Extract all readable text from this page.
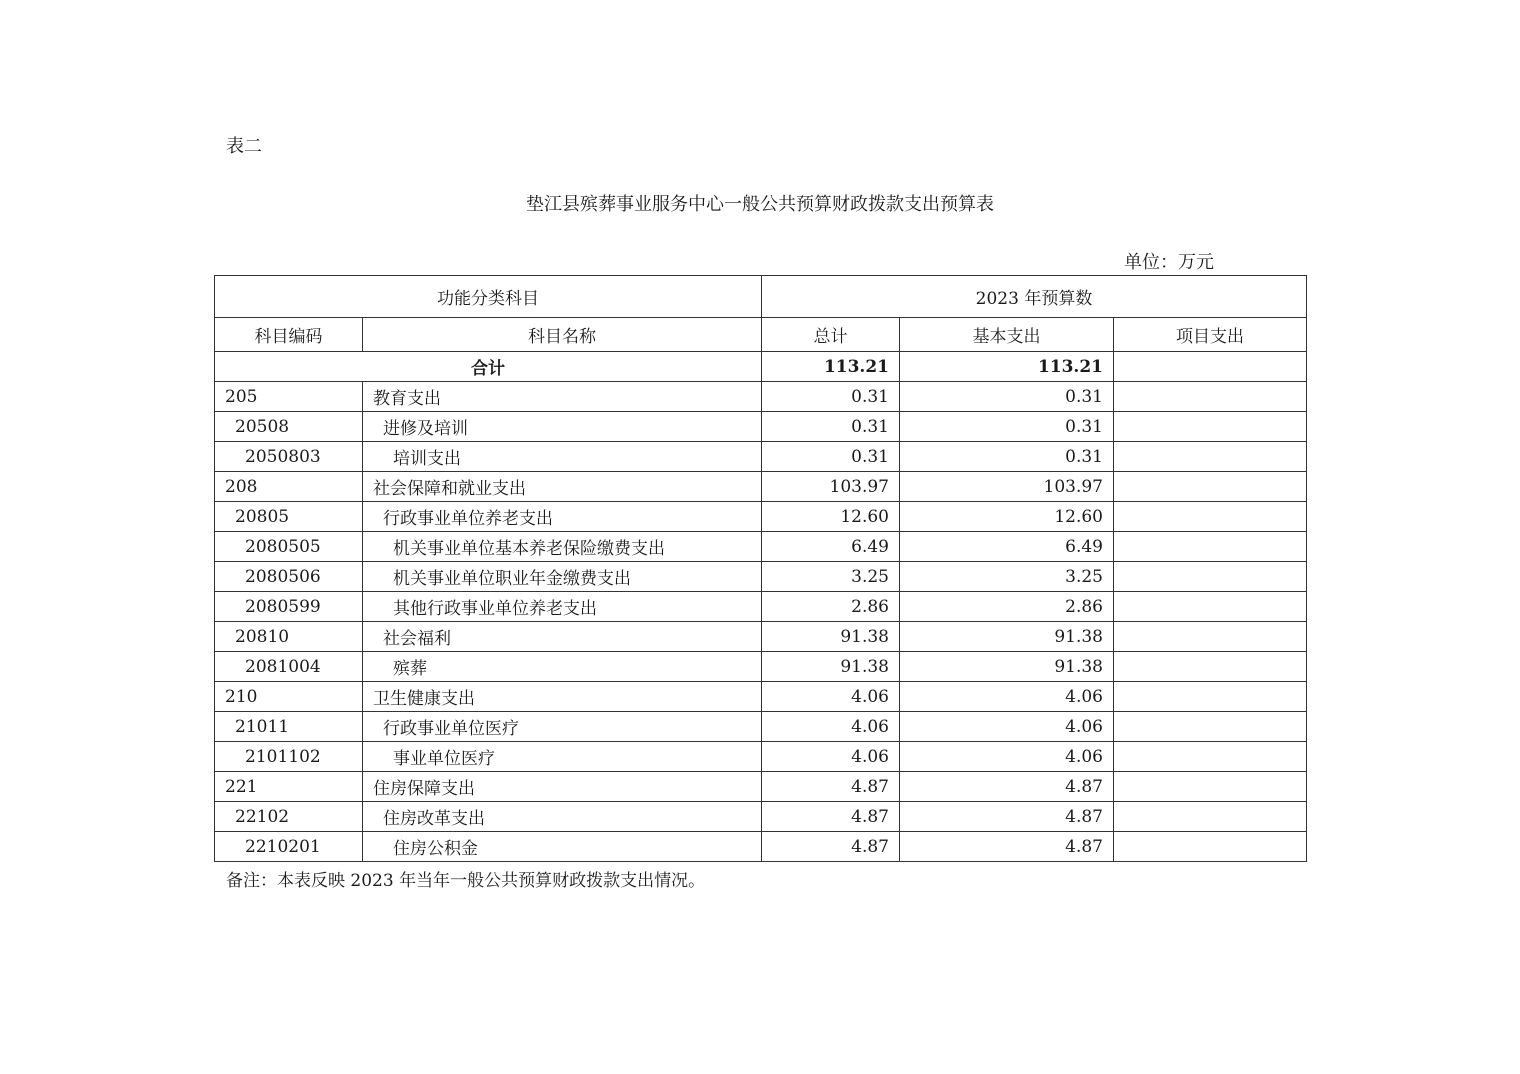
表二
垫江县殡葬事业服务中心一般公共预算财政拨款支出预算表
单位：万元
功能分类科目		2023 年预算数		
科目编码	科目名称	总计	基本支出	项目支出
合计		113.21	113.21	
205	教育支出	0.31	0.31	
20508	进修及培训	0.31	0.31	
2050803	培训支出	0.31	0.31	
208	社会保障和就业支出	103.97	103.97	
20805	行政事业单位养老支出	12.60	12.60	
2080505	机关事业单位基本养老保险缴费支出	6.49	6.49	
2080506	机关事业单位职业年金缴费支出	3.25	3.25	
2080599	其他行政事业单位养老支出	2.86	2.86	
20810	社会福利	91.38	91.38	
2081004	殡葬	91.38	91.38	
210	卫生健康支出	4.06	4.06	
21011	行政事业单位医疗	4.06	4.06	
2101102	事业单位医疗	4.06	4.06	
221	住房保障支出	4.87	4.87	
22102	住房改革支出	4.87	4.87	
2210201	住房公积金	4.87	4.87	
备注：本表反映 2023 年当年一般公共预算财政拨款支出情况。
